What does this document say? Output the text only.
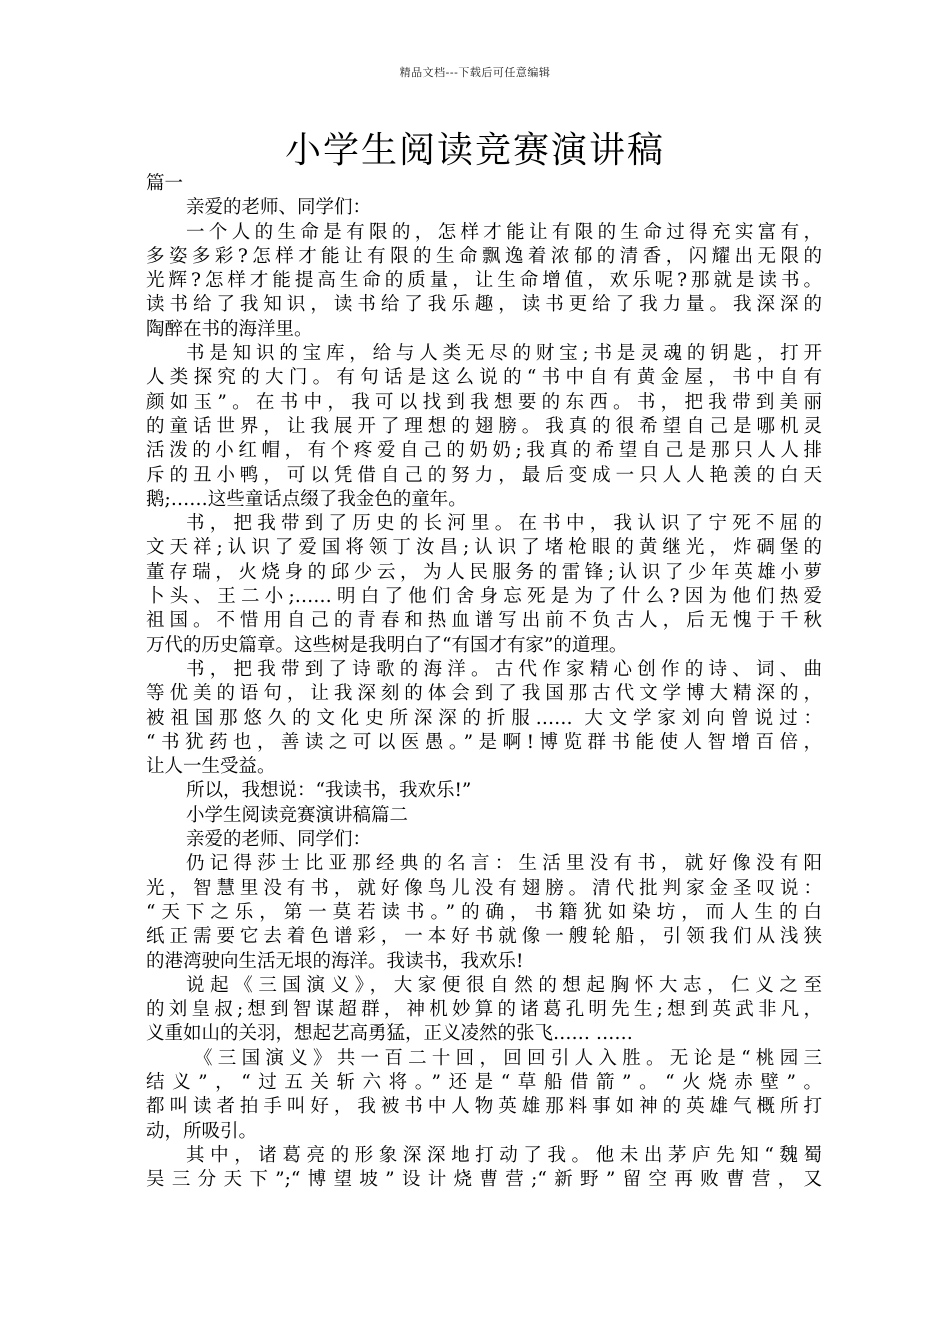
精品文档---下载后可任意编辑
小学生阅读竞赛演讲稿
篇一
亲爱的老师、同学们：
一个人的生命是有限的，怎样才能让有限的生命过得充实富有，
多姿多彩?怎样才能让有限的生命飘逸着浓郁的清香，闪耀出无限的
光辉?怎样才能提高生命的质量，让生命增值，欢乐呢?那就是读书。
读书给了我知识，读书给了我乐趣，读书更给了我力量。我深深的
陶醉在书的海洋里。
书是知识的宝库，给与人类无尽的财宝;书是灵魂的钥匙，打开
人类探究的大门。有句话是这么说的“书中自有黄金屋，书中自有
颜如玉”。在书中，我可以找到我想要的东西。书，把我带到美丽
的童话世界，让我展开了理想的翅膀。我真的很希望自己是哪机灵
活泼的小红帽，有个疼爱自己的奶奶;我真的希望自己是那只人人排
斥的丑小鸭，可以凭借自己的努力，最后变成一只人人艳羡的白天
鹅;……这些童话点缀了我金色的童年。
书，把我带到了历史的长河里。在书中，我认识了宁死不屈的
文天祥;认识了爱国将领丁汝昌;认识了堵枪眼的黄继光，炸碉堡的
董存瑞，火烧身的邱少云，为人民服务的雷锋;认识了少年英雄小萝
卜头、王二小;……明白了他们舍身忘死是为了什么?因为他们热爱
祖国。不惜用自己的青春和热血谱写出前不负古人，后无愧于千秋
万代的历史篇章。这些树是我明白了“有国才有家”的道理。
书，把我带到了诗歌的海洋。古代作家精心创作的诗、词、曲
等优美的语句，让我深刻的体会到了我国那古代文学博大精深的，
被祖国那悠久的文化史所深深的折服…… 大文学家刘向曾说过：
“书犹药也，善读之可以医愚。”是啊!博览群书能使人智增百倍，
让人一生受益。
所以，我想说：“我读书，我欢乐!”
小学生阅读竞赛演讲稿篇二
亲爱的老师、同学们：
仍记得莎士比亚那经典的名言：生活里没有书，就好像没有阳
光，智慧里没有书，就好像鸟儿没有翅膀。清代批判家金圣叹说：
“天下之乐，第一莫若读书。”的确，书籍犹如染坊，而人生的白
纸正需要它去着色谱彩，一本好书就像一艘轮船，引领我们从浅狭
的港湾驶向生活无垠的海洋。我读书，我欢乐!
说起《三国演义》，大家便很自然的想起胸怀大志，仁义之至
的刘皇叔;想到智谋超群，神机妙算的诸葛孔明先生;想到英武非凡，
义重如山的关羽，想起艺高勇猛，正义凌然的张飞…… ……
《三国演义》共一百二十回，回回引人入胜。无论是“桃园三
结义”，“过五关斩六将。”还是“草船借箭”。“火烧赤壁”。
都叫读者拍手叫好，我被书中人物英雄那料事如神的英雄气概所打
动，所吸引。
其中，诸葛亮的形象深深地打动了我。他未出茅庐先知“魏蜀
吴三分天下”;“博望坡”设计烧曹营;“新野”留空再败曹营，又
